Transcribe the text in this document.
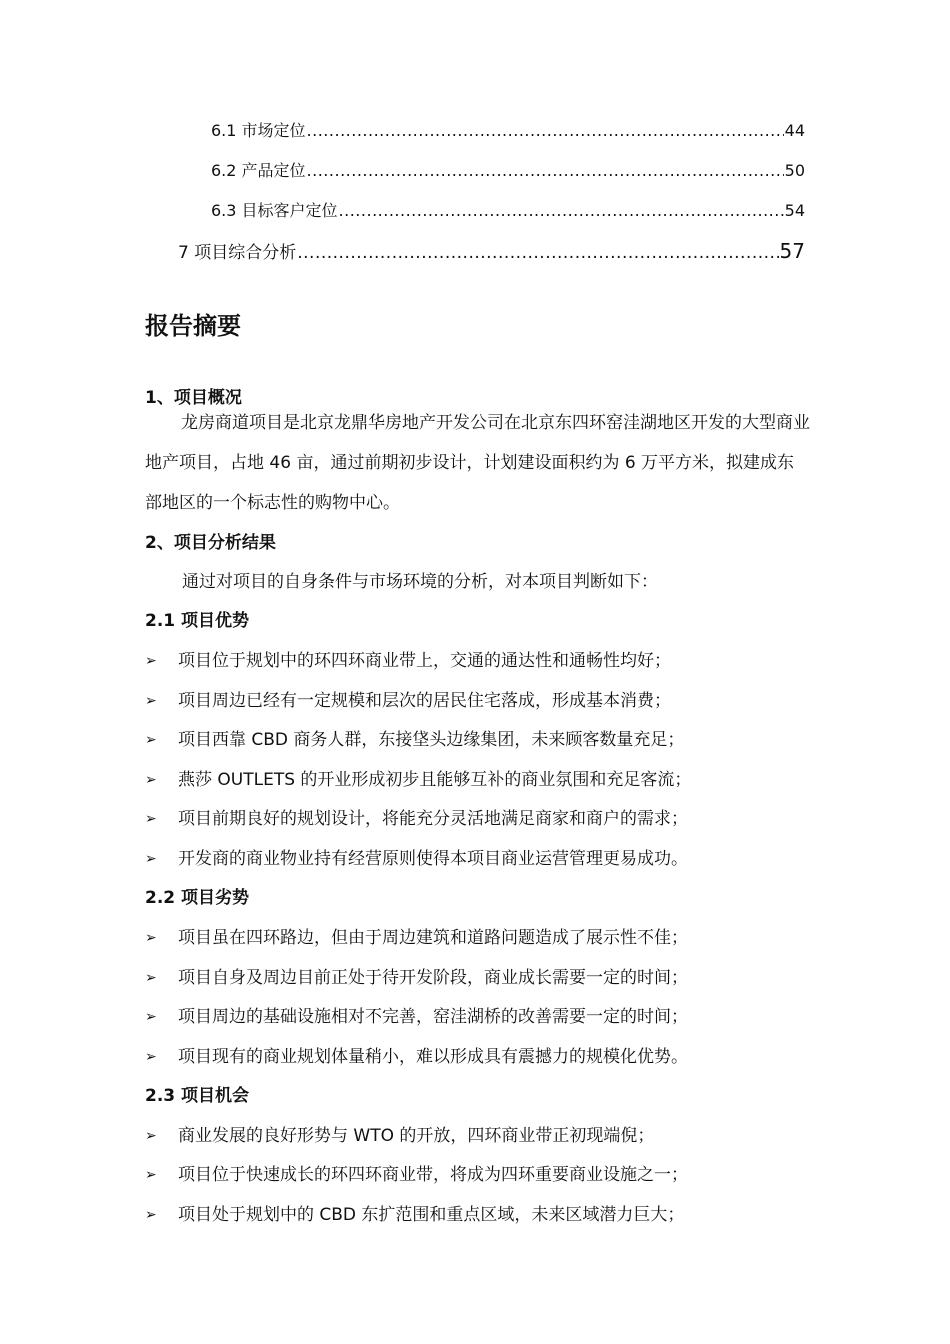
6.1 市场定位 .....	44
6.2 产品定位 .....	50
6.3 目标客户定位 .....	54
7 项目综合分析 .....	57
报告摘要
1、项目概况
龙房商道项目是北京龙鼎华房地产开发公司在北京东四环窑洼湖地区开发的大型商业地产项目，占地 46 亩，通过前期初步设计，计划建设面积约为 6 万平方米，拟建成东部地区的一个标志性的购物中心。
2、项目分析结果
通过对项目的自身条件与市场环境的分析，对本项目判断如下：
2.1 项目优势
➢	项目位于规划中的环四环商业带上，交通的通达性和通畅性均好；
➢	项目周边已经有一定规模和层次的居民住宅落成，形成基本消费；
➢	项目西靠 CBD 商务人群，东接垡头边缘集团，未来顾客数量充足；
➢	燕莎 OUTLETS 的开业形成初步且能够互补的商业氛围和充足客流；
➢	项目前期良好的规划设计，将能充分灵活地满足商家和商户的需求；
➢	开发商的商业物业持有经营原则使得本项目商业运营管理更易成功。
2.2 项目劣势
➢	项目虽在四环路边，但由于周边建筑和道路问题造成了展示性不佳；
➢	项目自身及周边目前正处于待开发阶段，商业成长需要一定的时间；
➢	项目周边的基础设施相对不完善，窑洼湖桥的改善需要一定的时间；
➢	项目现有的商业规划体量稍小，难以形成具有震撼力的规模化优势。
2.3 项目机会
➢	商业发展的良好形势与 WTO 的开放，四环商业带正初现端倪；
➢	项目位于快速成长的环四环商业带，将成为四环重要商业设施之一；
➢	项目处于规划中的 CBD 东扩范围和重点区域，未来区域潜力巨大；
